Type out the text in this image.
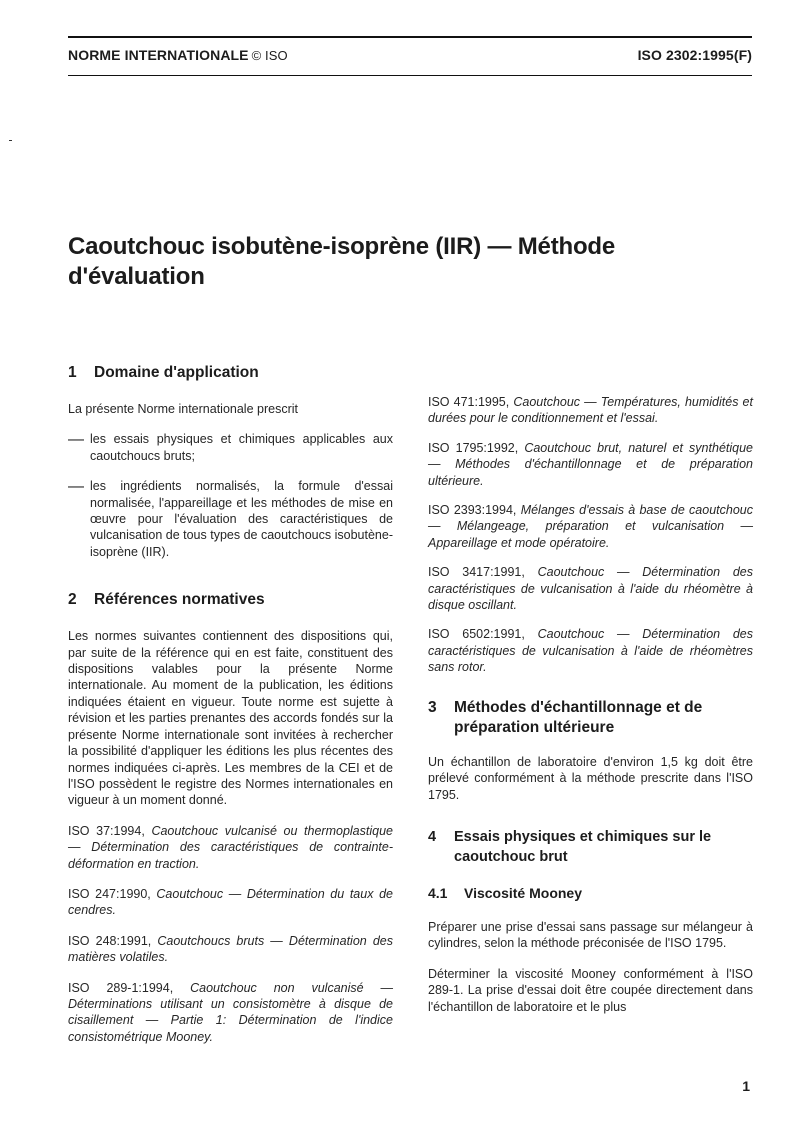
NORME INTERNATIONALE © ISO	ISO 2302:1995(F)
Caoutchouc isobutène-isoprène (IIR) — Méthode d'évaluation
1 Domaine d'application

La présente Norme internationale prescrit

— les essais physiques et chimiques applicables aux caoutchoucs bruts;

— les ingrédients normalisés, la formule d'essai normalisée, l'appareillage et les méthodes de mise en œuvre pour l'évaluation des caractéristiques de vulcanisation de tous types de caoutchoucs isobutène-isoprène (IIR).

2 Références normatives

Les normes suivantes contiennent des dispositions qui, par suite de la référence qui en est faite, constituent des dispositions valables pour la présente Norme internationale. Au moment de la publication, les éditions indiquées étaient en vigueur. Toute norme est sujette à révision et les parties prenantes des accords fondés sur la présente Norme internationale sont invitées à rechercher la possibilité d'appliquer les éditions les plus récentes des normes indiquées ci-après. Les membres de la CEI et de l'ISO possèdent le registre des Normes internationales en vigueur à un moment donné.

ISO 37:1994, Caoutchouc vulcanisé ou thermoplastique — Détermination des caractéristiques de contrainte-déformation en traction.

ISO 247:1990, Caoutchouc — Détermination du taux de cendres.

ISO 248:1991, Caoutchoucs bruts — Détermination des matières volatiles.

ISO 289-1:1994, Caoutchouc non vulcanisé — Déterminations utilisant un consistomètre à disque de cisaillement — Partie 1: Détermination de l'indice consistométrique Mooney.

ISO 471:1995, Caoutchouc — Températures, humidités et durées pour le conditionnement et l'essai.

ISO 1795:1992, Caoutchouc brut, naturel et synthétique — Méthodes d'échantillonnage et de préparation ultérieure.

ISO 2393:1994, Mélanges d'essais à base de caoutchouc — Mélangeage, préparation et vulcanisation — Appareillage et mode opératoire.

ISO 3417:1991, Caoutchouc — Détermination des caractéristiques de vulcanisation à l'aide du rhéomètre à disque oscillant.

ISO 6502:1991, Caoutchouc — Détermination des caractéristiques de vulcanisation à l'aide de rhéomètres sans rotor.

3	Méthodes d'échantillonnage et de préparation ultérieure

Un échantillon de laboratoire d'environ 1,5 kg doit être prélevé conformément à la méthode prescrite dans l'ISO 1795.

4	Essais physiques et chimiques sur le caoutchouc brut
4.1 Viscosité Mooney

Préparer une prise d'essai sans passage sur mélangeur à cylindres, selon la méthode préconisée de l'ISO 1795.

Déterminer la viscosité Mooney conformément à l'ISO 289-1. La prise d'essai doit être coupée directement dans l'échantillon de laboratoire et le plus

1
